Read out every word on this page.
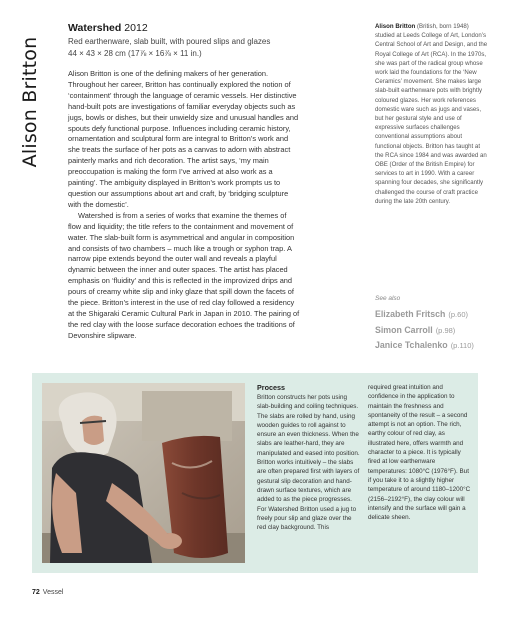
Alison Britton
Watershed 2012
Red earthenware, slab built, with poured slips and glazes
44 × 43 × 28 cm (17⅞ × 16⅞ × 11 in.)

Alison Britton is one of the defining makers of her generation. Throughout her career, Britton has continually explored the notion of ‘containment’ through the language of ceramic vessels. Her distinctive hand-built pots are investigations of familiar everyday objects such as jugs, bowls or dishes, but their unwieldy size and unusual handles and spouts defy functional purpose. Influences including ceramic history, ornamentation and sculptural form are integral to Britton’s work and she treats the surface of her pots as a canvas to adorn with abstract painterly marks and rich decoration. The artist says, ‘my main preoccupation is making the form I’ve arrived at also work as a painting’. The ambiguity displayed in Britton’s work prompts us to question our assumptions about art and craft, by ‘bridging sculpture with the domestic’.

Watershed is from a series of works that examine the themes of flow and liquidity; the title refers to the containment and movement of water. The slab-built form is asymmetrical and angular in composition and consists of two chambers – much like a trough or syphon trap. A narrow pipe extends beyond the outer wall and reveals a playful dynamic between the inner and outer spaces. The artist has placed emphasis on ‘fluidity’ and this is reflected in the improvized drips and pours of creamy white slip and inky glaze that spill down the facets of the piece. Britton’s interest in the use of red clay followed a residency at the Shigaraki Ceramic Cultural Park in Japan in 2010. The pairing of the red clay with the loose surface decoration echoes the traditions of Devonshire slipware.

Alison Britton (British, born 1948) studied at Leeds College of Art, London’s Central School of Art and Design, and the Royal College of Art (RCA). In the 1970s, she was part of the radical group whose work laid the foundations for the ‘New Ceramics’ movement. She makes large slab-built earthenware pots with brightly coloured glazes. Her work references domestic ware such as jugs and vases, but her gestural style and use of expressive surfaces challenges conventional assumptions about functional objects. Britton has taught at the RCA since 1984 and was awarded an OBE (Order of the British Empire) for services to art in 1990. With a career spanning four decades, she significantly challenged the course of craft practice during the late 20th century.
See also
Elizabeth Fritsch (p.60)
Simon Carroll (p.98)
Janice Tchalenko (p.110)
Process
Britton constructs her pots using slab-building and coiling techniques. The slabs are rolled by hand, using wooden guides to roll against to ensure an even thickness. When the slabs are leather-hard, they are manipulated and eased into position. Britton works intuitively – the slabs are often prepared first with layers of gestural slip decoration and hand-drawn surface textures, which are added to as the piece progresses. For Watershed Britton used a jug to freely pour slip and glaze over the red clay background. This
required great intuition and confidence in the application to maintain the freshness and spontaneity of the result – a second attempt is not an option. The rich, earthy colour of red clay, as illustrated here, offers warmth and character to a piece. It is typically fired at low earthenware temperatures: 1080°C (1976°F). But if you take it to a slightly higher temperature of around 1180–1200°C (2156–2192°F), the clay colour will intensify and the surface will gain a delicate sheen.
72 Vessel
